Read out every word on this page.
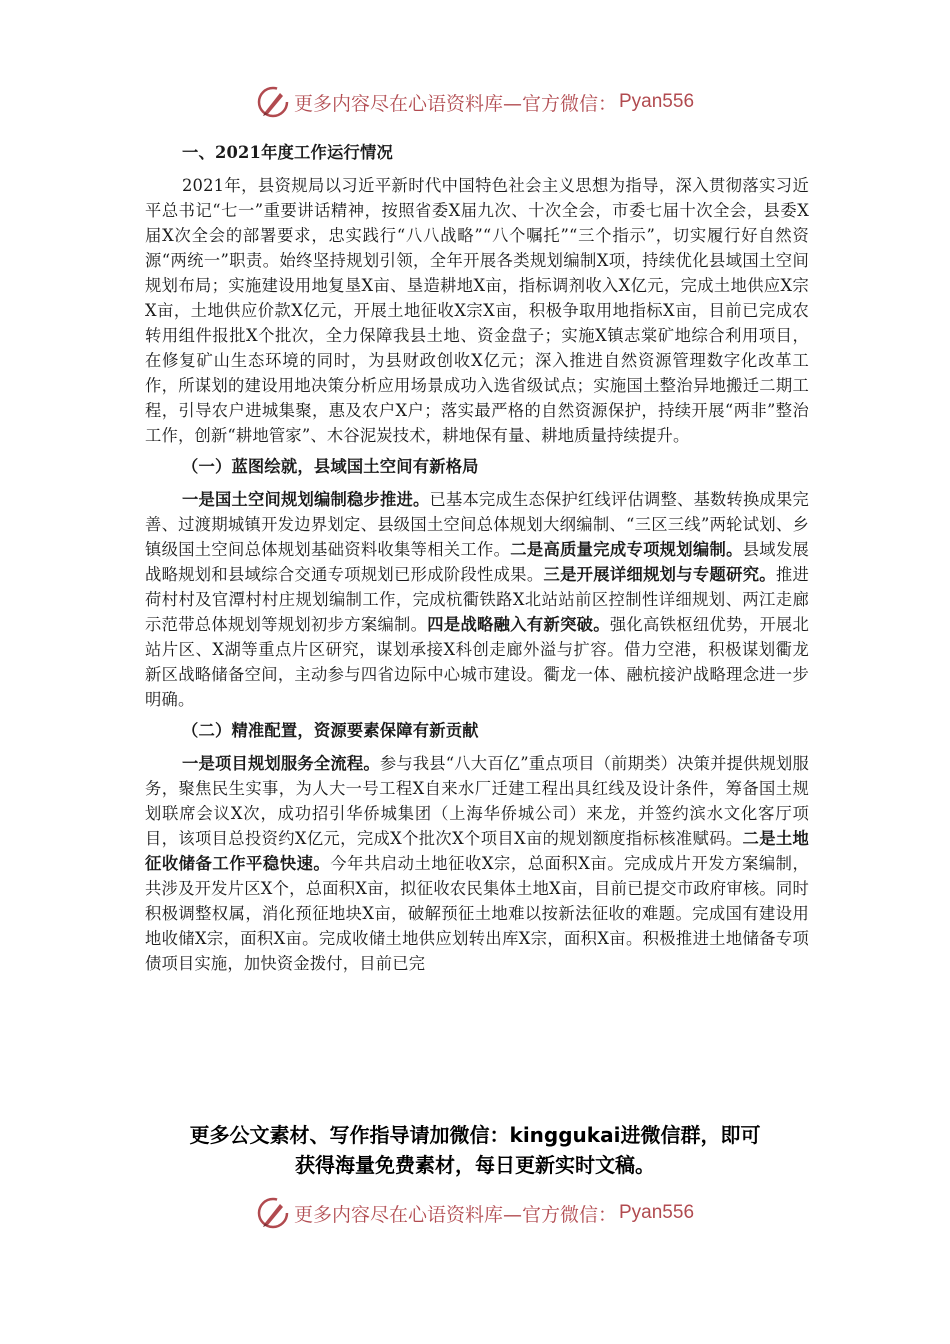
更多内容尽在心语资料库—官方微信： Pyan556
一、2021年度工作运行情况

2021年，县资规局以习近平新时代中国特色社会主义思想为指导，深入贯彻落实习近平总书记“七一”重要讲话精神，按照省委X届九次、十次全会，市委七届十次全会，县委X届X次全会的部署要求，忠实践行“八八战略”“八个嘱托”“三个指示”，切实履行好自然资源“两统一”职责。始终坚持规划引领，全年开展各类规划编制X项，持续优化县域国土空间规划布局；实施建设用地复垦X亩、垦造耕地X亩，指标调剂收入X亿元，完成土地供应X宗X亩，土地供应价款X亿元，开展土地征收X宗X亩，积极争取用地指标X亩，目前已完成农转用组件报批X个批次，全力保障我县土地、资金盘子；实施X镇志棠矿地综合利用项目，在修复矿山生态环境的同时，为县财政创收X亿元；深入推进自然资源管理数字化改革工作，所谋划的建设用地决策分析应用场景成功入选省级试点；实施国土整治异地搬迁二期工程，引导农户进城集聚，惠及农户X户；落实最严格的自然资源保护，持续开展“两非”整治工作，创新“耕地管家”、木谷泥炭技术，耕地保有量、耕地质量持续提升。

（一）蓝图绘就，县域国土空间有新格局

一是国土空间规划编制稳步推进。已基本完成生态保护红线评估调整、基数转换成果完善、过渡期城镇开发边界划定、县级国土空间总体规划大纲编制、“三区三线”两轮试划、乡镇级国土空间总体规划基础资料收集等相关工作。二是高质量完成专项规划编制。县域发展战略规划和县域综合交通专项规划已形成阶段性成果。三是开展详细规划与专题研究。推进荷村村及官潭村村庄规划编制工作，完成杭衢铁路X北站站前区控制性详细规划、两江走廊示范带总体规划等规划初步方案编制。四是战略融入有新突破。强化高铁枢纽优势，开展北站片区、X湖等重点片区研究，谋划承接X科创走廊外溢与扩容。借力空港，积极谋划衢龙新区战略储备空间，主动参与四省边际中心城市建设。衢龙一体、融杭接沪战略理念进一步明确。

（二）精准配置，资源要素保障有新贡献

一是项目规划服务全流程。参与我县“八大百亿”重点项目（前期类）决策并提供规划服务，聚焦民生实事，为人大一号工程X自来水厂迁建工程出具红线及设计条件，筹备国土规划联席会议X次，成功招引华侨城集团（上海华侨城公司）来龙，并签约滨水文化客厅项目，该项目总投资约X亿元，完成X个批次X个项目X亩的规划额度指标核准赋码。二是土地征收储备工作平稳快速。今年共启动土地征收X宗，总面积X亩。完成成片开发方案编制，共涉及开发片区X个，总面积X亩，拟征收农民集体土地X亩，目前已提交市政府审核。同时积极调整权属，消化预征地块X亩，破解预征土地难以按新法征收的难题。完成国有建设用地收储X宗，面积X亩。完成收储土地供应划转出库X宗，面积X亩。积极推进土地储备专项债项目实施，加快资金拨付，目前已完

更多公文素材、写作指导请加微信：kinggukai进微信群，即可
获得海量免费素材，每日更新实时文稿。
更多内容尽在心语资料库—官方微信： Pyan556
